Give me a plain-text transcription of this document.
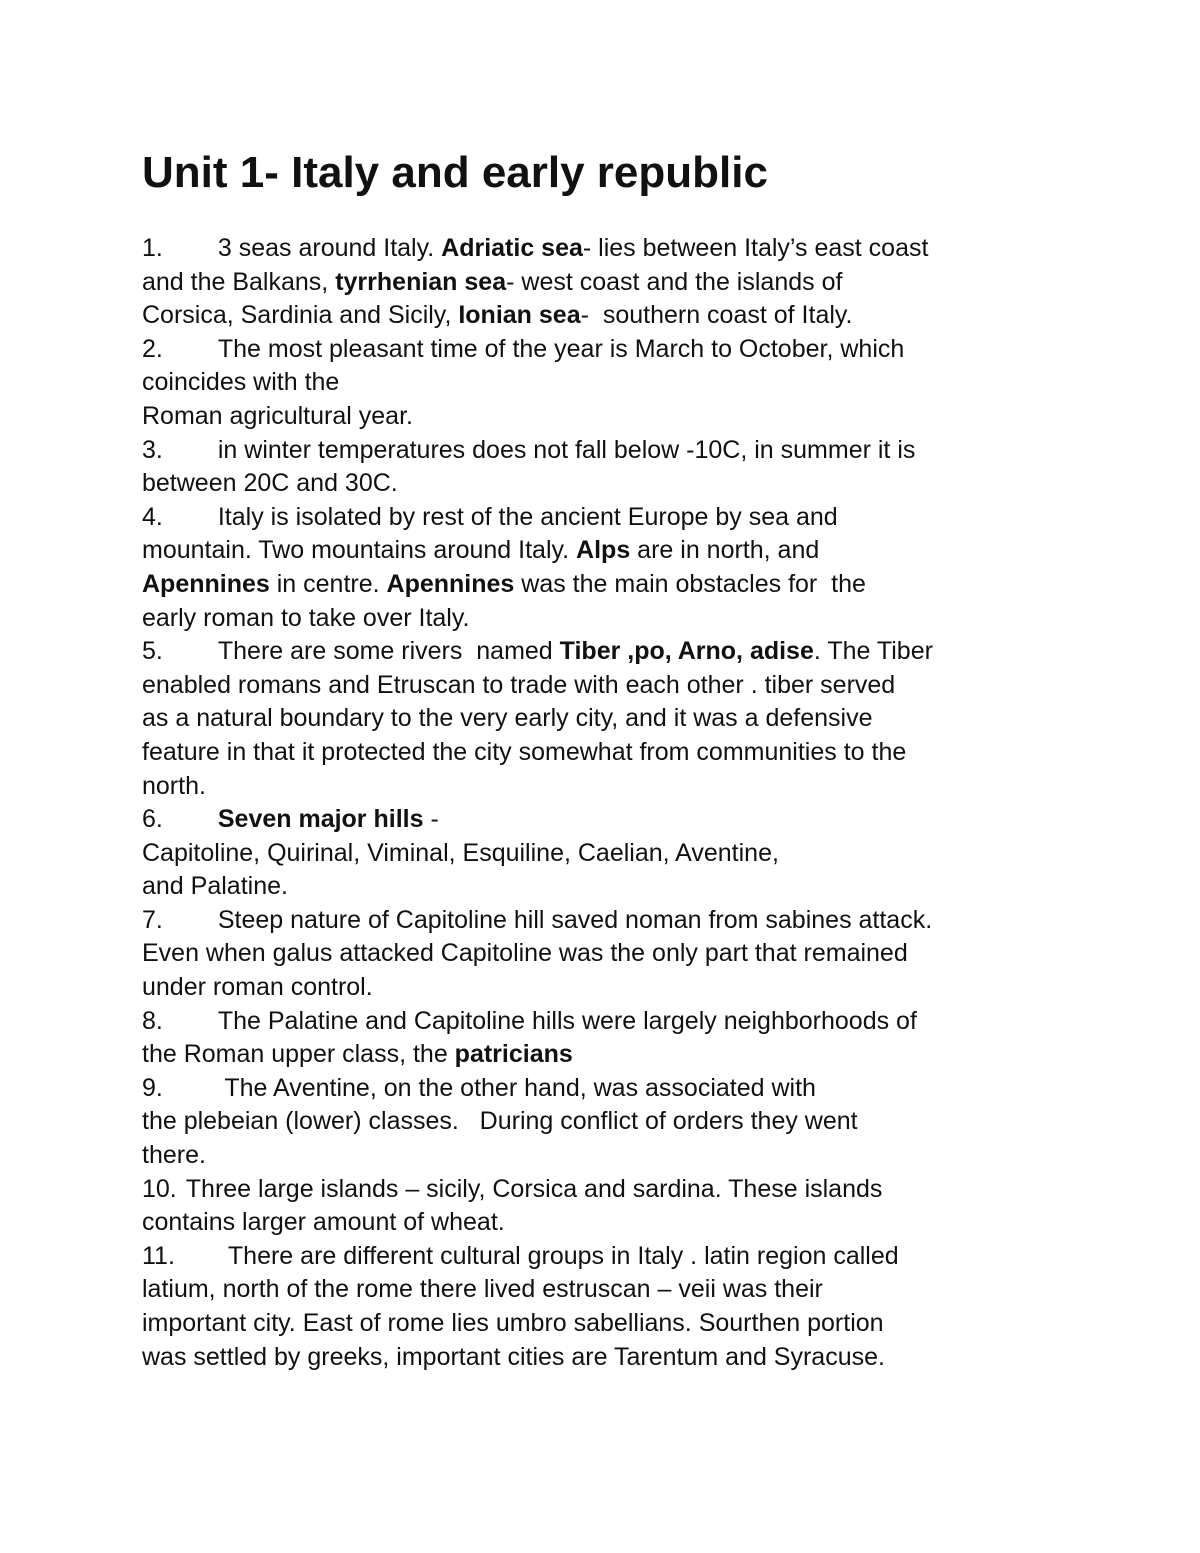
Unit 1- Italy and early republic
1. 3 seas around Italy. Adriatic sea- lies between Italy’s east coast
and the Balkans, tyrrhenian sea- west coast and the islands of
Corsica, Sardinia and Sicily, Ionian sea-  southern coast of Italy.
2. The most pleasant time of the year is March to October, which
coincides with the
Roman agricultural year.
3. in winter temperatures does not fall below -10C, in summer it is
between 20C and 30C.
4. Italy is isolated by rest of the ancient Europe by sea and
mountain. Two mountains around Italy. Alps are in north, and
Apennines in centre. Apennines was the main obstacles for  the
early roman to take over Italy.
5. There are some rivers  named Tiber ,po, Arno, adise. The Tiber
enabled romans and Etruscan to trade with each other . tiber served
as a natural boundary to the very early city, and it was a defensive
feature in that it protected the city somewhat from communities to the
north.
6. Seven major hills -
Capitoline, Quirinal, Viminal, Esquiline, Caelian, Aventine,
and Palatine.
7. Steep nature of Capitoline hill saved noman from sabines attack.
Even when galus attacked Capitoline was the only part that remained
under roman control.
8. The Palatine and Capitoline hills were largely neighborhoods of
the Roman upper class, the patricians
9. The Aventine, on the other hand, was associated with
the plebeian (lower) classes.   During conflict of orders they went
there.
10. Three large islands – sicily, Corsica and sardina. These islands
contains larger amount of wheat.
11. There are different cultural groups in Italy . latin region called
latium, north of the rome there lived estruscan – veii was their
important city. East of rome lies umbro sabellians. Sourthen portion
was settled by greeks, important cities are Tarentum and Syracuse.
